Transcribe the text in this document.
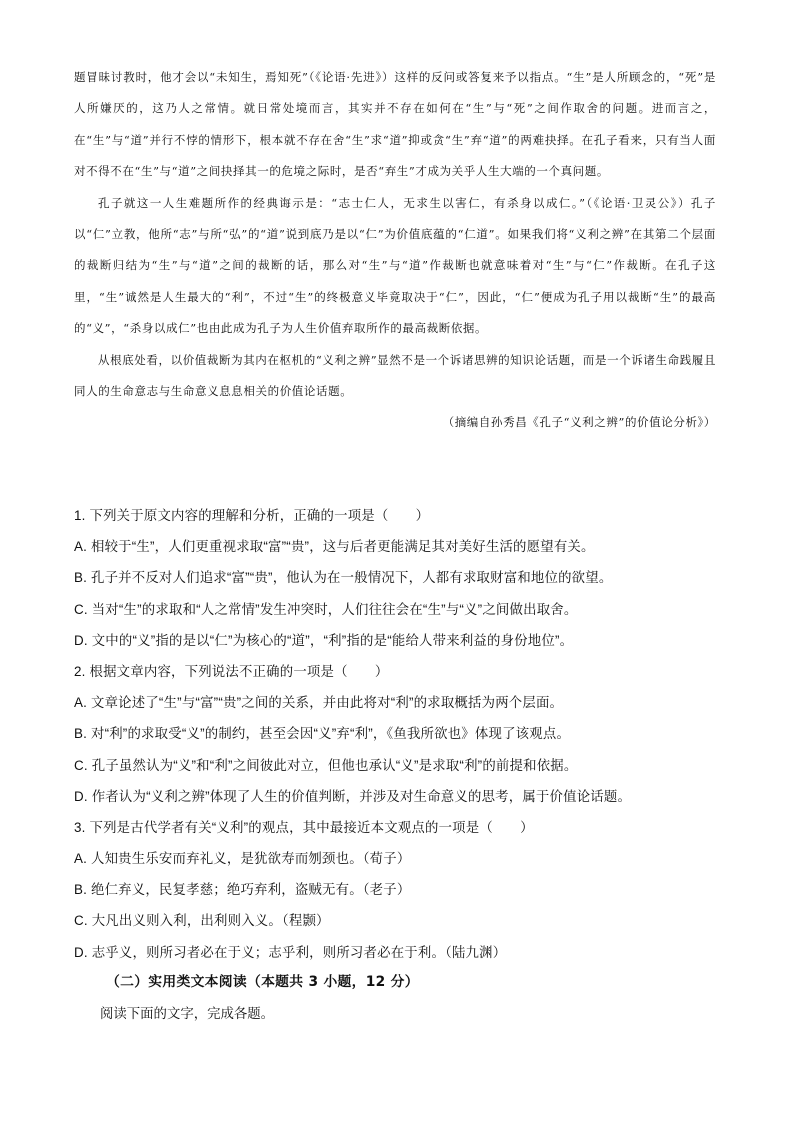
题冒昧讨教时，他才会以“未知生，焉知死”（《论语·先进》）这样的反问或答复来予以指点。“生”是人所顾念的，“死”是人所嫌厌的，这乃人之常情。就日常处境而言，其实并不存在如何在“生”与“死”之间作取舍的问题。进而言之，在“生”与“道”并行不悖的情形下，根本就不存在舍“生”求“道”抑或贪“生”弃“道”的两难抉择。在孔子看来，只有当人面对不得不在“生”与“道”之间抉择其一的危境之际时，是否“弃生”才成为关乎人生大端的一个真问题。

孔子就这一人生难题所作的经典诲示是：“志士仁人，无求生以害仁，有杀身以成仁。”（《论语·卫灵公》）孔子以“仁”立教，他所“志”与所“弘”的“道”说到底乃是以“仁”为价值底蕴的“仁道”。如果我们将“义利之辨”在其第二个层面的裁断归结为“生”与“道”之间的裁断的话，那么对“生”与“道”作裁断也就意味着对“生”与“仁”作裁断。在孔子这里，“生”诚然是人生最大的“利”，不过“生”的终极意义毕竟取决于“仁”，因此，“仁”便成为孔子用以裁断“生”的最高的“义”，“杀身以成仁”也由此成为孔子为人生价值弃取所作的最高裁断依据。

从根底处看，以价值裁断为其内在枢机的“义利之辨”显然不是一个诉诸思辨的知识论话题，而是一个诉诸生命践履且同人的生命意志与生命意义息息相关的价值论话题。

（摘编自孙秀昌《孔子“义利之辨”的价值论分析》）

1. 下列关于原文内容的理解和分析，正确的一项是（　　）
A. 相较于“生”，人们更重视求取“富”“贵”，这与后者更能满足其对美好生活的愿望有关。
B. 孔子并不反对人们追求“富”“贵”，他认为在一般情况下，人都有求取财富和地位的欲望。
C. 当对“生”的求取和“人之常情”发生冲突时，人们往往会在“生”与“义”之间做出取舍。
D. 文中的“义”指的是以“仁”为核心的“道”，“利”指的是“能给人带来利益的身份地位”。
2. 根据文章内容，下列说法不正确的一项是（　　）
A. 文章论述了“生”与“富”“贵”之间的关系，并由此将对“利”的求取概括为两个层面。
B. 对“利”的求取受“义”的制约，甚至会因“义”弃“利”，《鱼我所欲也》体现了该观点。
C. 孔子虽然认为“义”和“利”之间彼此对立，但他也承认“义”是求取“利”的前提和依据。
D. 作者认为“义利之辨”体现了人生的价值判断，并涉及对生命意义的思考，属于价值论话题。
3. 下列是古代学者有关“义利”的观点，其中最接近本文观点的一项是（　　）
A. 人知贵生乐安而弃礼义，是犹欲寿而刎颈也。（荀子）
B. 绝仁弃义，民复孝慈；绝巧弃利，盗贼无有。（老子）
C. 大凡出义则入利，出利则入义。（程颢）
D. 志乎义，则所习者必在于义；志乎利，则所习者必在于利。（陆九渊）
（二）实用类文本阅读（本题共 3 小题，12 分）
阅读下面的文字，完成各题。
